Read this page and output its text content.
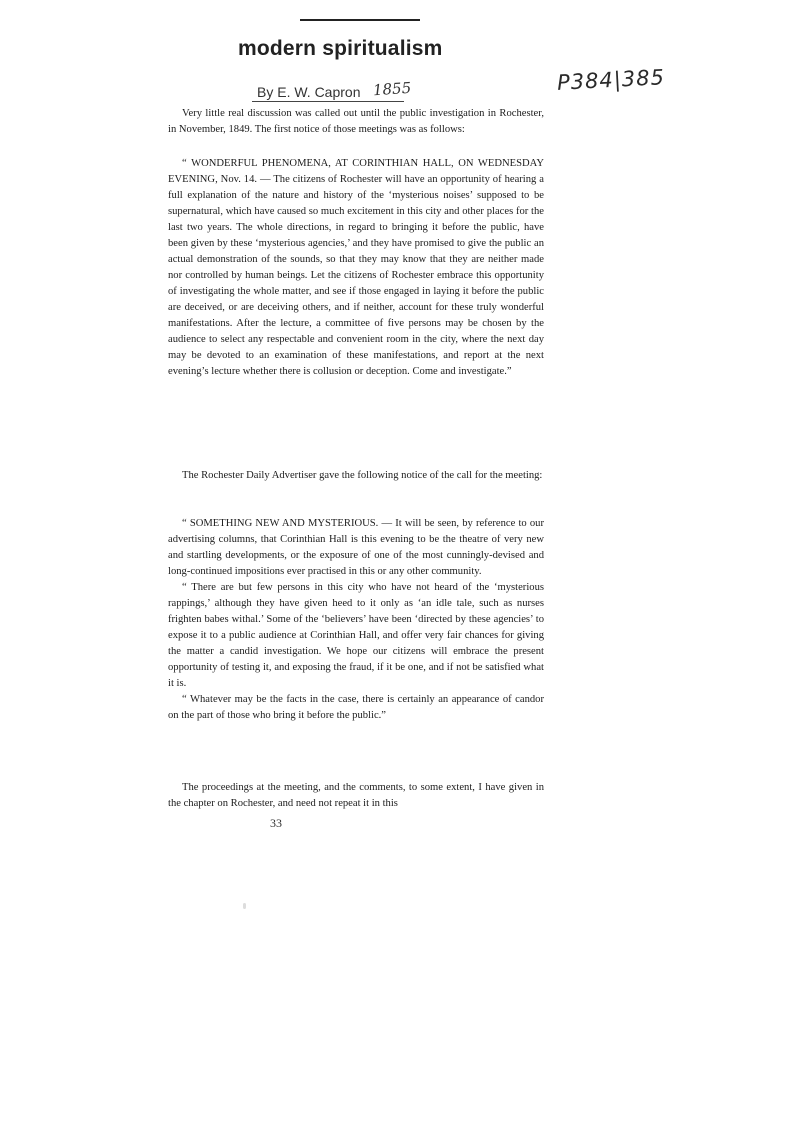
modern spiritualism
By E. W. Capron 1855	P384|385

Very little real discussion was called out until the public investigation in Rochester, in November, 1849. The first notice of those meetings was as follows:

“ WONDERFUL PHENOMENA, AT CORINTHIAN HALL, ON WEDNESDAY EVENING, Nov. 14. — The citizens of Rochester will have an opportunity of hearing a full explanation of the nature and history of the ‘mysterious noises’ supposed to be supernatural, which have caused so much excitement in this city and other places for the last two years. The whole directions, in regard to bringing it before the public, have been given by these ‘mysterious agencies,’ and they have promised to give the public an actual demonstration of the sounds, so that they may know that they are neither made nor controlled by human beings. Let the citizens of Rochester embrace this opportunity of investigating the whole matter, and see if those engaged in laying it before the public are deceived, or are deceiving others, and if neither, account for these truly wonderful manifestations. After the lecture, a committee of five persons may be chosen by the audience to select any respectable and convenient room in the city, where the next day may be devoted to an examination of these manifestations, and report at the next evening’s lecture whether there is collusion or deception. Come and investigate.”

The Rochester Daily Advertiser gave the following notice of the call for the meeting:

“ SOMETHING NEW AND MYSTERIOUS. — It will be seen, by reference to our advertising columns, that Corinthian Hall is this evening to be the theatre of very new and startling developments, or the exposure of one of the most cunningly-devised and long-continued impositions ever practised in this or any other community.

“ There are but few persons in this city who have not heard of the ‘mysterious rappings,’ although they have given heed to it only as ‘an idle tale, such as nurses frighten babes withal.’ Some of the ‘believers’ have been ‘directed by these agencies’ to expose it to a public audience at Corinthian Hall, and offer very fair chances for giving the matter a candid investigation. We hope our citizens will embrace the present opportunity of testing it, and exposing the fraud, if it be one, and if not be satisfied what it is.

“ Whatever may be the facts in the case, there is certainly an appearance of candor on the part of those who bring it before the public.”

The proceedings at the meeting, and the comments, to some extent, I have given in the chapter on Rochester, and need not repeat it in this

33
